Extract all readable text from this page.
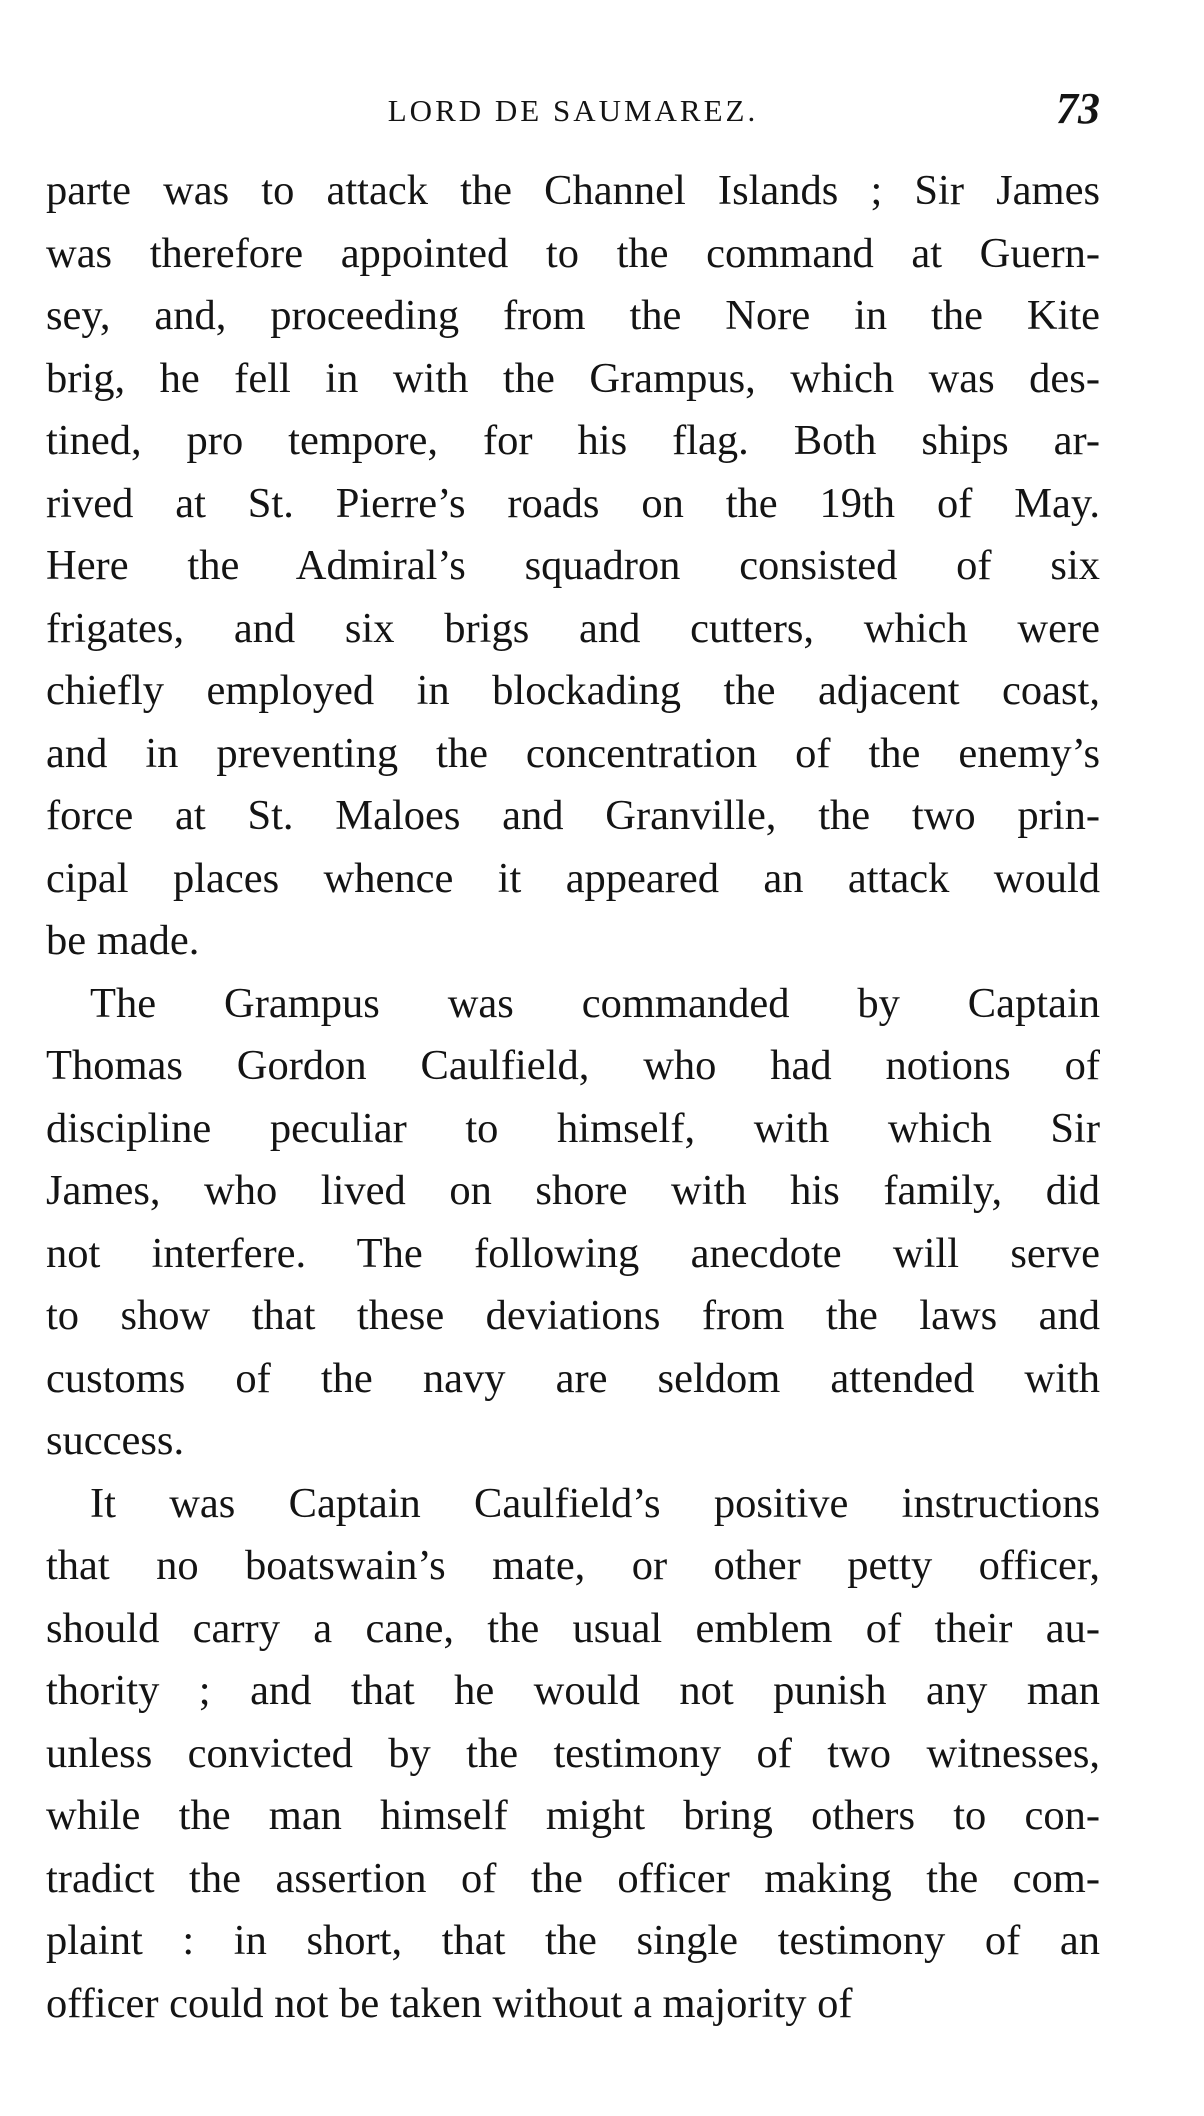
LORD DE SAUMAREZ.	73
parte was to attack the Channel Islands ; Sir James
was therefore appointed to the command at Guern-
sey, and, proceeding from the Nore in the Kite
brig, he fell in with the Grampus, which was des-
tined, pro tempore, for his flag. Both ships ar-
rived at St. Pierre’s roads on the 19th of May.
Here the Admiral’s squadron consisted of six
frigates, and six brigs and cutters, which were
chiefly employed in blockading the adjacent coast,
and in preventing the concentration of the enemy’s
force at St. Maloes and Granville, the two prin-
cipal places whence it appeared an attack would
be made.
The Grampus was commanded by Captain
Thomas Gordon Caulfield, who had notions of
discipline peculiar to himself, with which Sir
James, who lived on shore with his family, did
not interfere. The following anecdote will serve
to show that these deviations from the laws and
customs of the navy are seldom attended with
success.
It was Captain Caulfield’s positive instructions
that no boatswain’s mate, or other petty officer,
should carry a cane, the usual emblem of their au-
thority ; and that he would not punish any man
unless convicted by the testimony of two witnesses,
while the man himself might bring others to con-
tradict the assertion of the officer making the com-
plaint : in short, that the single testimony of an
officer could not be taken without a majority of
